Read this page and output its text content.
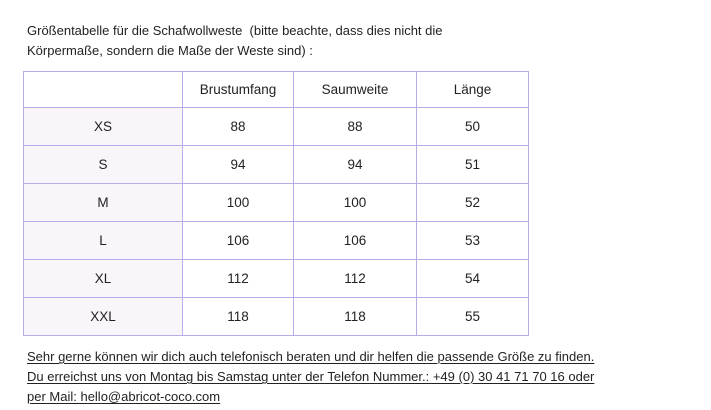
Größentabelle für die Schafwollweste  (bitte beachte, dass dies nicht die
Körpermaße, sondern die Maße der Weste sind) :

	Brustumfang	Saumweite	Länge
XS	88	88	50
S	94	94	51
M	100	100	52
L	106	106	53
XL	112	112	54
XXL	118	118	55

Sehr gerne können wir dich auch telefonisch beraten und dir helfen die passende Größe zu finden.
Du erreichst uns von Montag bis Samstag unter der Telefon Nummer.: +49 (0) 30 41 71 70 16 oder
per Mail: hello@abricot-coco.com
